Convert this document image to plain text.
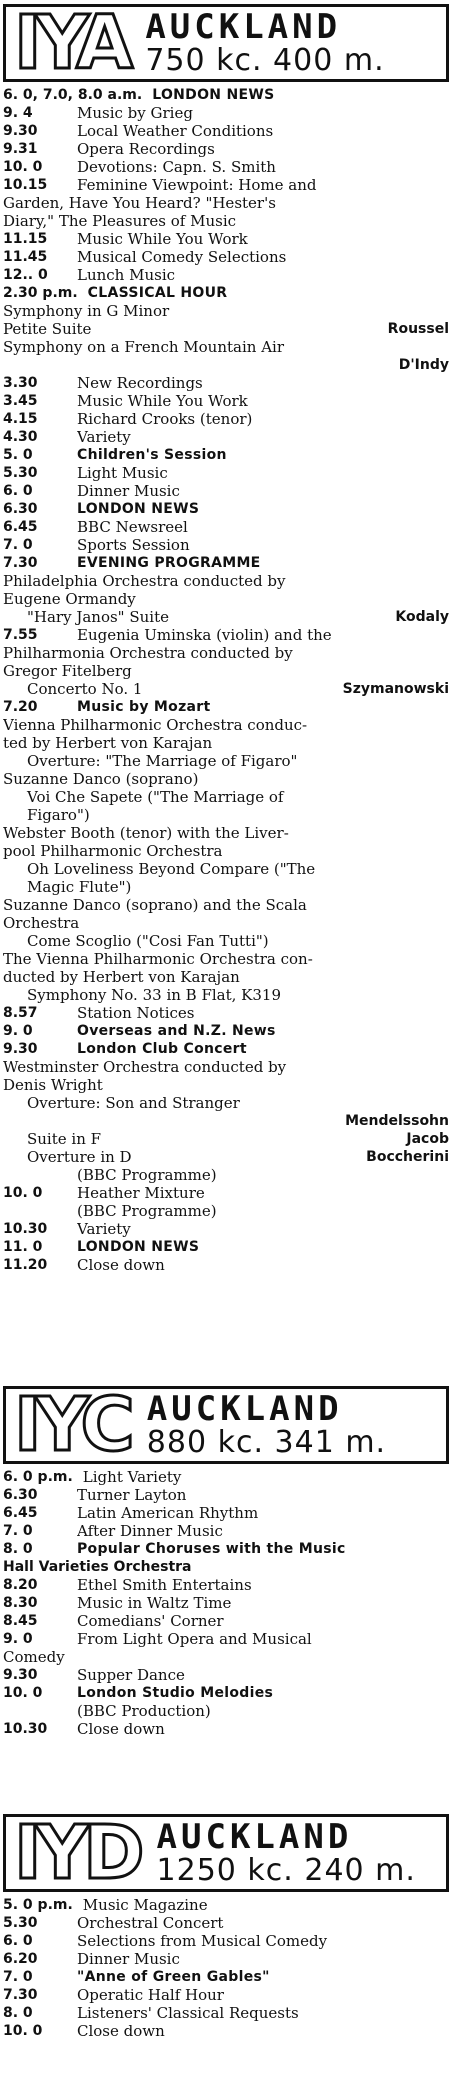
IYA AUCKLAND
750 kc. 400 m.
6. 0, 7.0, 8.0 a.m. LONDON NEWS
9. 4	Music by Grieg
9.30	Local Weather Conditions
9.31	Opera Recordings
10. 0	Devotions: Capn. S. Smith
10.15	Feminine Viewpoint: Home and
Garden, Have You Heard? "Hester's
Diary," The Pleasures of Music
11.15	Music While You Work
11.45	Musical Comedy Selections
12.. 0	Lunch Music
2.30 p.m. CLASSICAL HOUR
Symphony in G Minor
Petite Suite	Roussel
Symphony on a French Mountain Air
D'Indy
3.30	New Recordings
3.45	Music While You Work
4.15	Richard Crooks (tenor)
4.30	Variety
5. 0	Children's Session
5.30	Light Music
6. 0	Dinner Music
6.30	LONDON NEWS
6.45	BBC Newsreel
7. 0	Sports Session
7.30	EVENING PROGRAMME
Philadelphia Orchestra conducted by
Eugene Ormandy
"Hary Janos" Suite	Kodaly
7.55	Eugenia Uminska (violin) and the
Philharmonia Orchestra conducted by
Gregor Fitelberg
Concerto No. 1	Szymanowski
7.20	Music by Mozart
Vienna Philharmonic Orchestra conduc-
ted by Herbert von Karajan
Overture: "The Marriage of Figaro"
Suzanne Danco (soprano)
Voi Che Sapete ("The Marriage of
Figaro")
Webster Booth (tenor) with the Liver-
pool Philharmonic Orchestra
Oh Loveliness Beyond Compare ("The
Magic Flute")
Suzanne Danco (soprano) and the Scala
Orchestra
Come Scoglio ("Cosi Fan Tutti")
The Vienna Philharmonic Orchestra con-
ducted by Herbert von Karajan
Symphony No. 33 in B Flat, K319
8.57	Station Notices
9. 0	Overseas and N.Z. News
9.30	London Club Concert
Westminster Orchestra conducted by
Denis Wright
Overture: Son and Stranger
Mendelssohn
Suite in F	Jacob
Overture in D	Boccherini
(BBC Programme)
10. 0	Heather Mixture
(BBC Programme)
10.30	Variety
11. 0	LONDON NEWS
11.20	Close down
IYC AUCKLAND
880 kc. 341 m.
6. 0 p.m. Light Variety
6.30	Turner Layton
6.45	Latin American Rhythm
7. 0	After Dinner Music
8. 0	Popular Choruses with the Music
Hall Varieties Orchestra
8.20	Ethel Smith Entertains
8.30	Music in Waltz Time
8.45	Comedians' Corner
9. 0	From Light Opera and Musical
Comedy
9.30	Supper Dance
10. 0	London Studio Melodies
(BBC Production)
10.30	Close down
IYD AUCKLAND
1250 kc. 240 m.
5. 0 p.m. Music Magazine
5.30	Orchestral Concert
6. 0	Selections from Musical Comedy
6.20	Dinner Music
7. 0	"Anne of Green Gables"
7.30	Operatic Half Hour
8. 0	Listeners' Classical Requests
10. 0	Close down
